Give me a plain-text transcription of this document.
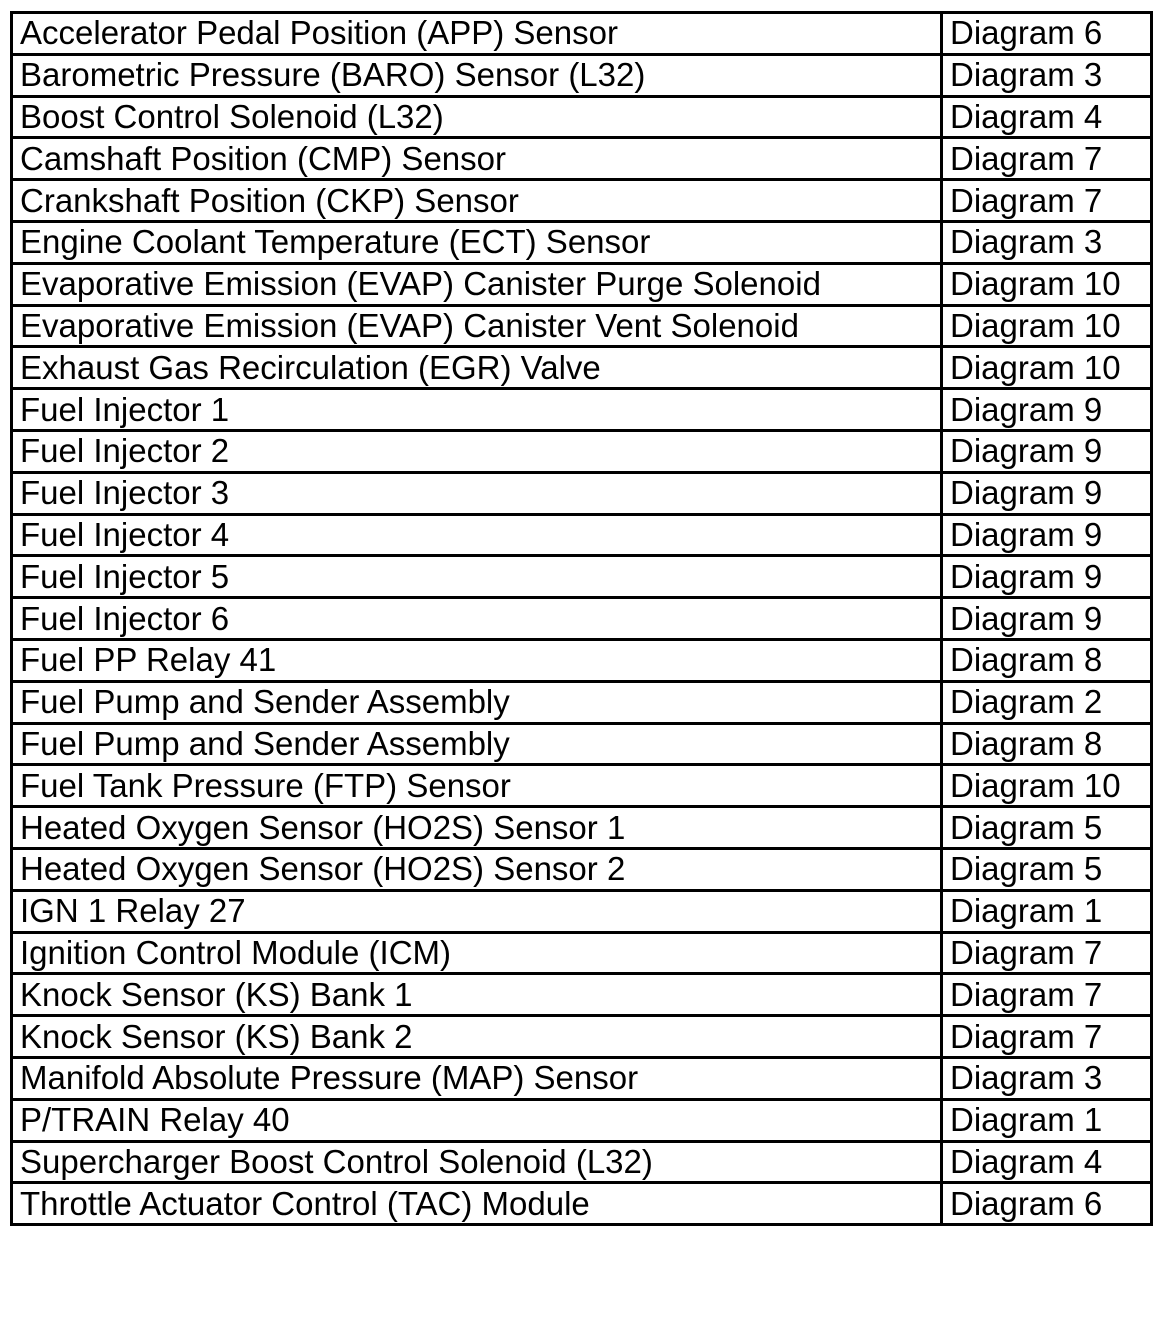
Accelerator Pedal Position (APP) Sensor	Diagram 6
Barometric Pressure (BARO) Sensor (L32)	Diagram 3
Boost Control Solenoid (L32)	Diagram 4
Camshaft Position (CMP) Sensor	Diagram 7
Crankshaft Position (CKP) Sensor	Diagram 7
Engine Coolant Temperature (ECT) Sensor	Diagram 3
Evaporative Emission (EVAP) Canister Purge Solenoid	Diagram 10
Evaporative Emission (EVAP) Canister Vent Solenoid	Diagram 10
Exhaust Gas Recirculation (EGR) Valve	Diagram 10
Fuel Injector 1	Diagram 9
Fuel Injector 2	Diagram 9
Fuel Injector 3	Diagram 9
Fuel Injector 4	Diagram 9
Fuel Injector 5	Diagram 9
Fuel Injector 6	Diagram 9
Fuel PP Relay 41	Diagram 8
Fuel Pump and Sender Assembly	Diagram 2
Fuel Pump and Sender Assembly	Diagram 8
Fuel Tank Pressure (FTP) Sensor	Diagram 10
Heated Oxygen Sensor (HO2S) Sensor 1	Diagram 5
Heated Oxygen Sensor (HO2S) Sensor 2	Diagram 5
IGN 1 Relay 27	Diagram 1
Ignition Control Module (ICM)	Diagram 7
Knock Sensor (KS) Bank 1	Diagram 7
Knock Sensor (KS) Bank 2	Diagram 7
Manifold Absolute Pressure (MAP) Sensor	Diagram 3
P/TRAIN Relay 40	Diagram 1
Supercharger Boost Control Solenoid (L32)	Diagram 4
Throttle Actuator Control (TAC) Module	Diagram 6
